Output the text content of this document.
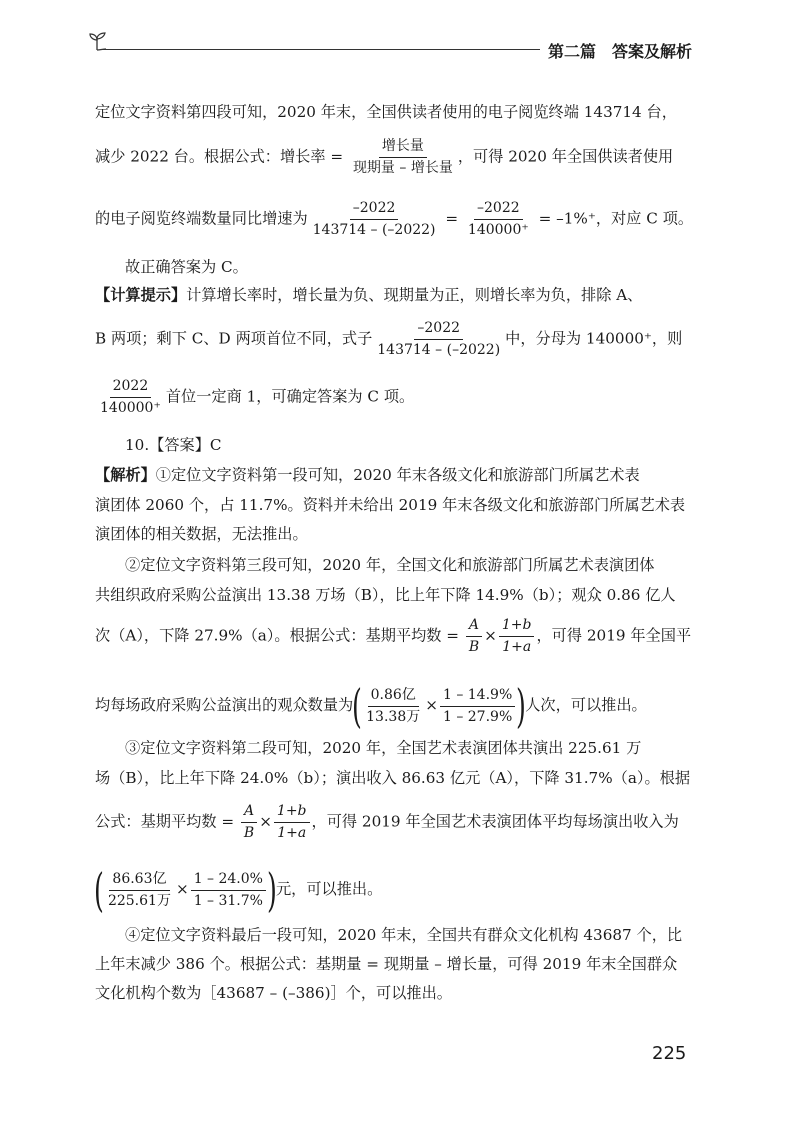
第二篇　答案及解析
定位文字资料第四段可知，2020 年末，全国供读者使用的电子阅览终端 143714 台，
减少 2022 台。根据公式：增长率 = $\frac{\text{增长量}}{\text{现期量 – 增长量}}$ ，可得 2020 年全国供读者使用
的电子阅览终端数量同比增速为 $\frac{-2022}{143714 - (-2022)} = \frac{-2022}{140000^+} = -1\%^+$，对应 C 项。
故正确答案为 C。
【计算提示】计算增长率时，增长量为负、现期量为正，则增长率为负，排除 A、
B 两项；剩下 C、D 两项首位不同，式子 $\frac{-2022}{143714 - (-2022)}$ 中，分母为 140000⁺，则
$\frac{2022}{140000^+}$ 首位一定商 1，可确定答案为 C 项。
10.【答案】C
【解析】①定位文字资料第一段可知，2020 年末各级文化和旅游部门所属艺术表
演团体 2060 个，占 11.7%。资料并未给出 2019 年末各级文化和旅游部门所属艺术表
演团体的相关数据，无法推出。
②定位文字资料第三段可知，2020 年，全国文化和旅游部门所属艺术表演团体
共组织政府采购公益演出 13.38 万场（B），比上年下降 14.9%（b）；观众 0.86 亿人
次（A），下降 27.9%（a）。根据公式：基期平均数 = $\frac{A}{B} \times \frac{1+b}{1+a}$ ，可得 2019 年全国平
均每场政府采购公益演出的观众数量为( $\frac{\text{0.86亿}}{\text{13.38万}} \times \frac{1 - 14.9\%}{1 - 27.9\%}$ )人次，可以推出。
③定位文字资料第二段可知，2020 年，全国艺术表演团体共演出 225.61 万
场（B），比上年下降 24.0%（b）；演出收入 86.63 亿元（A），下降 31.7%（a）。根据
公式：基期平均数 = $\frac{A}{B} \times \frac{1+b}{1+a}$ ，可得 2019 年全国艺术表演团体平均每场演出收入为
( $\frac{\text{86.63亿}}{\text{225.61万}} \times \frac{1 - 24.0\%}{1 - 31.7\%}$ )元，可以推出。
④定位文字资料最后一段可知，2020 年末，全国共有群众文化机构 43687 个，比
上年末减少 386 个。根据公式：基期量 = 现期量 – 增长量，可得 2019 年末全国群众
文化机构个数为［43687 – (–386)］个，可以推出。
225
